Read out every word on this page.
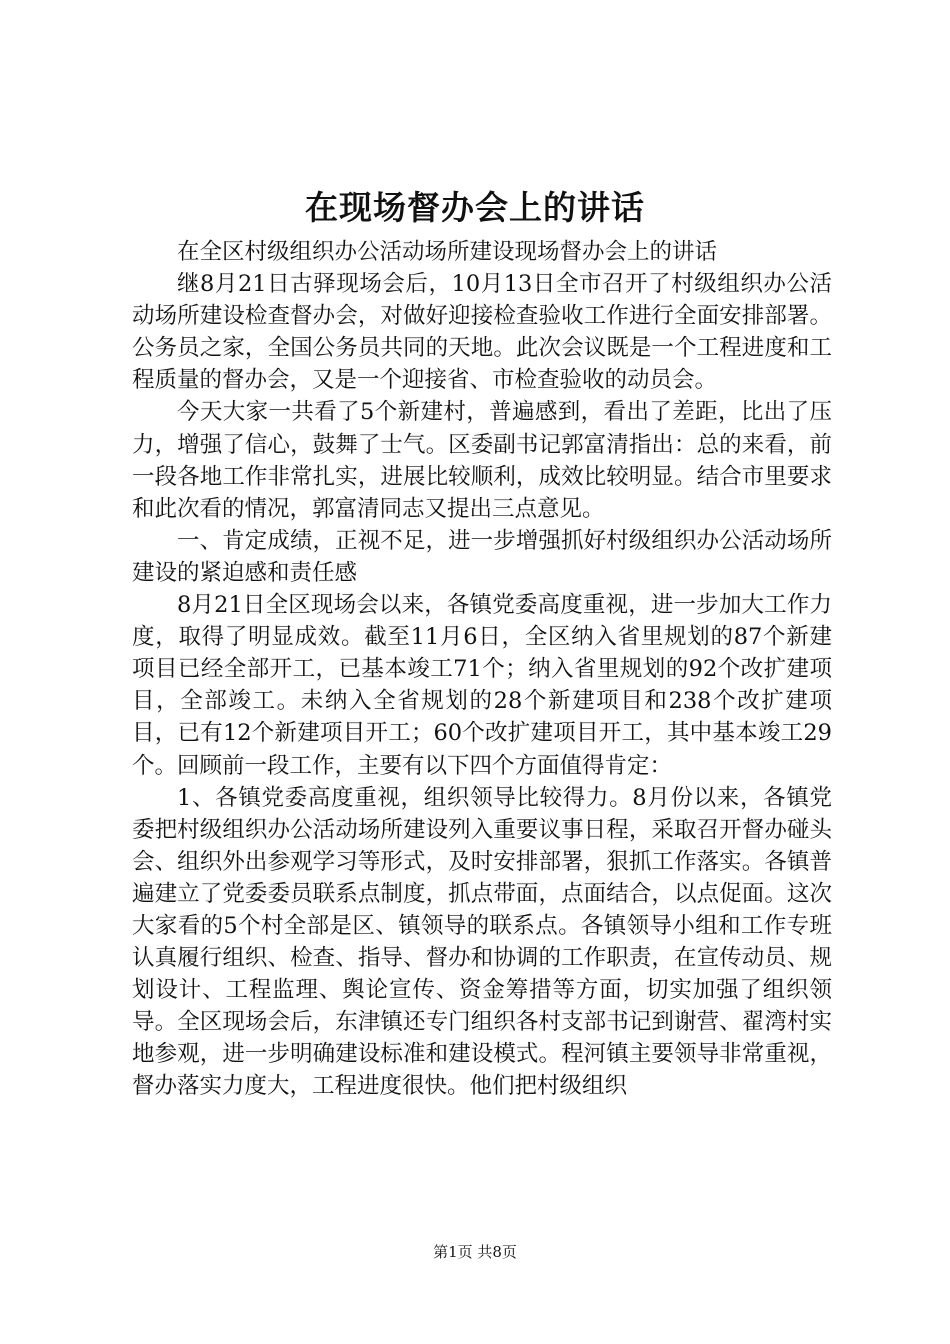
在现场督办会上的讲话

在全区村级组织办公活动场所建设现场督办会上的讲话

继8月21日古驿现场会后，10月13日全市召开了村级组织办公活动场所建设检查督办会，对做好迎接检查验收工作进行全面安排部署。公务员之家，全国公务员共同的天地。此次会议既是一个工程进度和工程质量的督办会，又是一个迎接省、市检查验收的动员会。

今天大家一共看了5个新建村，普遍感到，看出了差距，比出了压力，增强了信心，鼓舞了士气。区委副书记郭富清指出：总的来看，前一段各地工作非常扎实，进展比较顺利，成效比较明显。结合市里要求和此次看的情况，郭富清同志又提出三点意见。

一、肯定成绩，正视不足，进一步增强抓好村级组织办公活动场所建设的紧迫感和责任感

8月21日全区现场会以来，各镇党委高度重视，进一步加大工作力度，取得了明显成效。截至11月6日，全区纳入省里规划的87个新建项目已经全部开工，已基本竣工71个；纳入省里规划的92个改扩建项目，全部竣工。未纳入全省规划的28个新建项目和238个改扩建项目，已有12个新建项目开工；60个改扩建项目开工，其中基本竣工29个。回顾前一段工作，主要有以下四个方面值得肯定：

1、各镇党委高度重视，组织领导比较得力。8月份以来，各镇党委把村级组织办公活动场所建设列入重要议事日程，采取召开督办碰头会、组织外出参观学习等形式，及时安排部署，狠抓工作落实。各镇普遍建立了党委委员联系点制度，抓点带面，点面结合，以点促面。这次大家看的5个村全部是区、镇领导的联系点。各镇领导小组和工作专班认真履行组织、检查、指导、督办和协调的工作职责，在宣传动员、规划设计、工程监理、舆论宣传、资金筹措等方面，切实加强了组织领导。全区现场会后，东津镇还专门组织各村支部书记到谢营、翟湾村实地参观，进一步明确建设标准和建设模式。程河镇主要领导非常重视，督办落实力度大，工程进度很快。他们把村级组织

第1页 共8页
